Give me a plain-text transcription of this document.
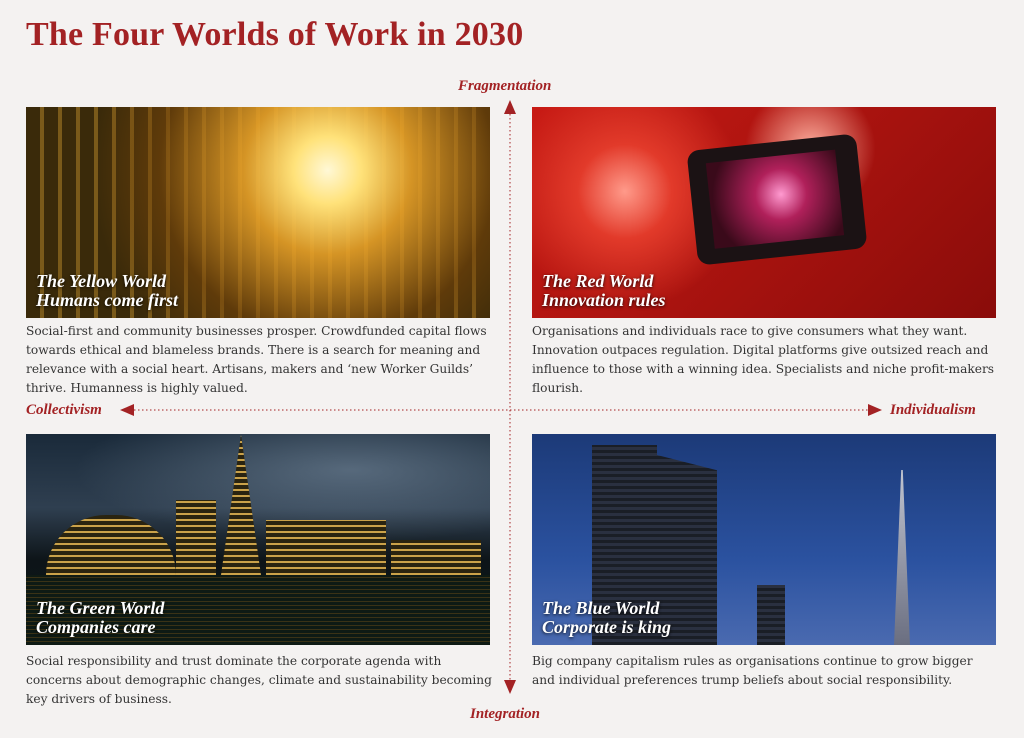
The Four Worlds of Work in 2030
Fragmentation
Integration
Collectivism	Individualism
The Yellow World
Humans come first

Social-first and community businesses prosper. Crowdfunded capital flows towards ethical and blameless brands. There is a search for meaning and relevance with a social heart. Artisans, makers and ‘new Worker Guilds’ thrive. Humanness is highly valued.

The Red World
Innovation rules

Organisations and individuals race to give consumers what they want. Innovation outpaces regulation. Digital platforms give outsized reach and influence to those with a winning idea. Specialists and niche profit-makers flourish.

The Green World
Companies care

Social responsibility and trust dominate the corporate agenda with concerns about demographic changes, climate and sustainability becoming key drivers of business.

The Blue World
Corporate is king

Big company capitalism rules as organisations continue to grow bigger and individual preferences trump beliefs about social responsibility.
